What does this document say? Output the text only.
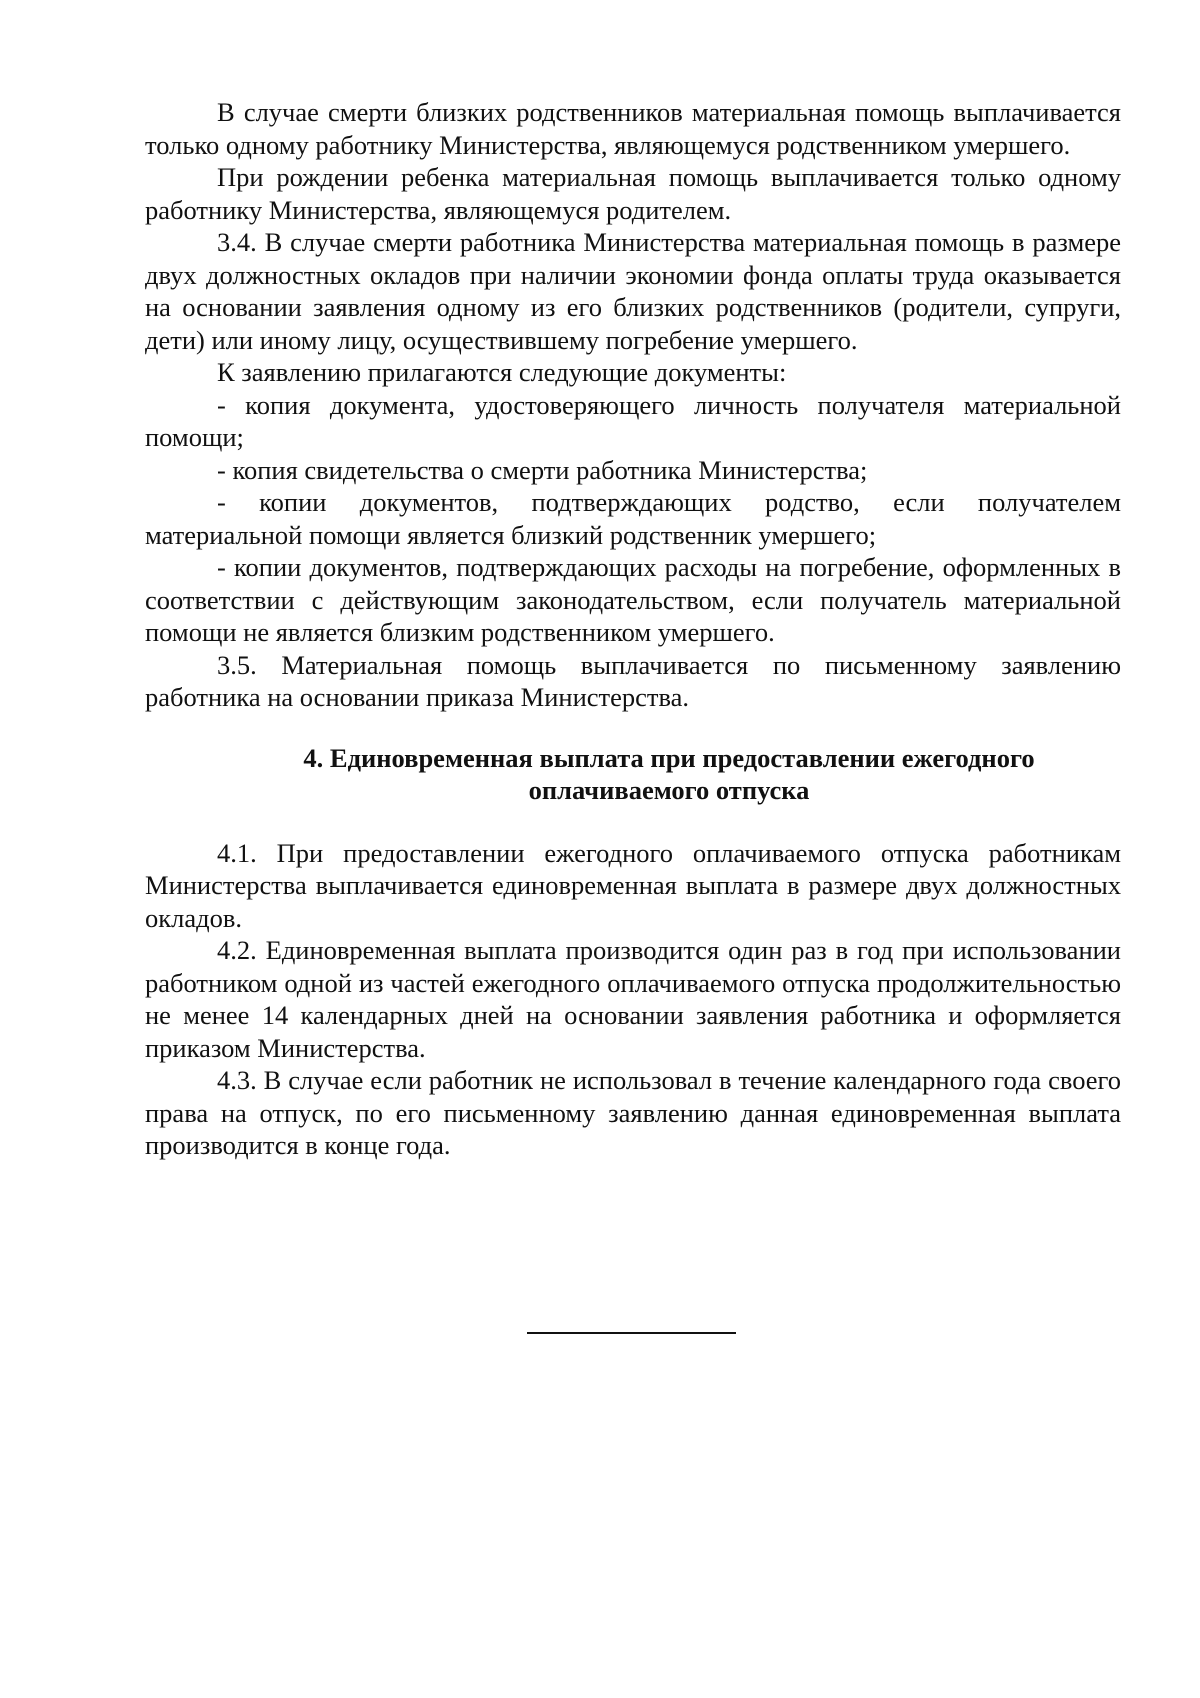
В случае смерти близких родственников материальная помощь выплачивается только одному работнику Министерства, являющемуся родственником умершего.

При рождении ребенка материальная помощь выплачивается только одному работнику Министерства, являющемуся родителем.

3.4. В случае смерти работника Министерства материальная помощь в размере двух должностных окладов при наличии экономии фонда оплаты труда оказывается на основании заявления одному из его близких родственников (родители, супруги, дети) или иному лицу, осуществившему погребение умершего.

К заявлению прилагаются следующие документы:

- копия документа, удостоверяющего личность получателя материальной помощи;

- копия свидетельства о смерти работника Министерства;

- копии документов, подтверждающих родство, если получателем материальной помощи является близкий родственник умершего;

- копии документов, подтверждающих расходы на погребение, оформленных в соответствии с действующим законодательством, если получатель материальной помощи не является близким родственником умершего.

3.5. Материальная помощь выплачивается по письменному заявлению работника на основании приказа Министерства.

4. Единовременная выплата при предоставлении ежегодного
оплачиваемого отпуска

4.1. При предоставлении ежегодного оплачиваемого отпуска работникам Министерства выплачивается единовременная выплата в размере двух должностных окладов.

4.2. Единовременная выплата производится один раз в год при использовании работником одной из частей ежегодного оплачиваемого отпуска продолжительностью не менее 14 календарных дней на основании заявления работника и оформляется приказом Министерства.

4.3. В случае если работник не использовал в течение календарного года своего права на отпуск, по его письменному заявлению данная единовременная выплата производится в конце года.
